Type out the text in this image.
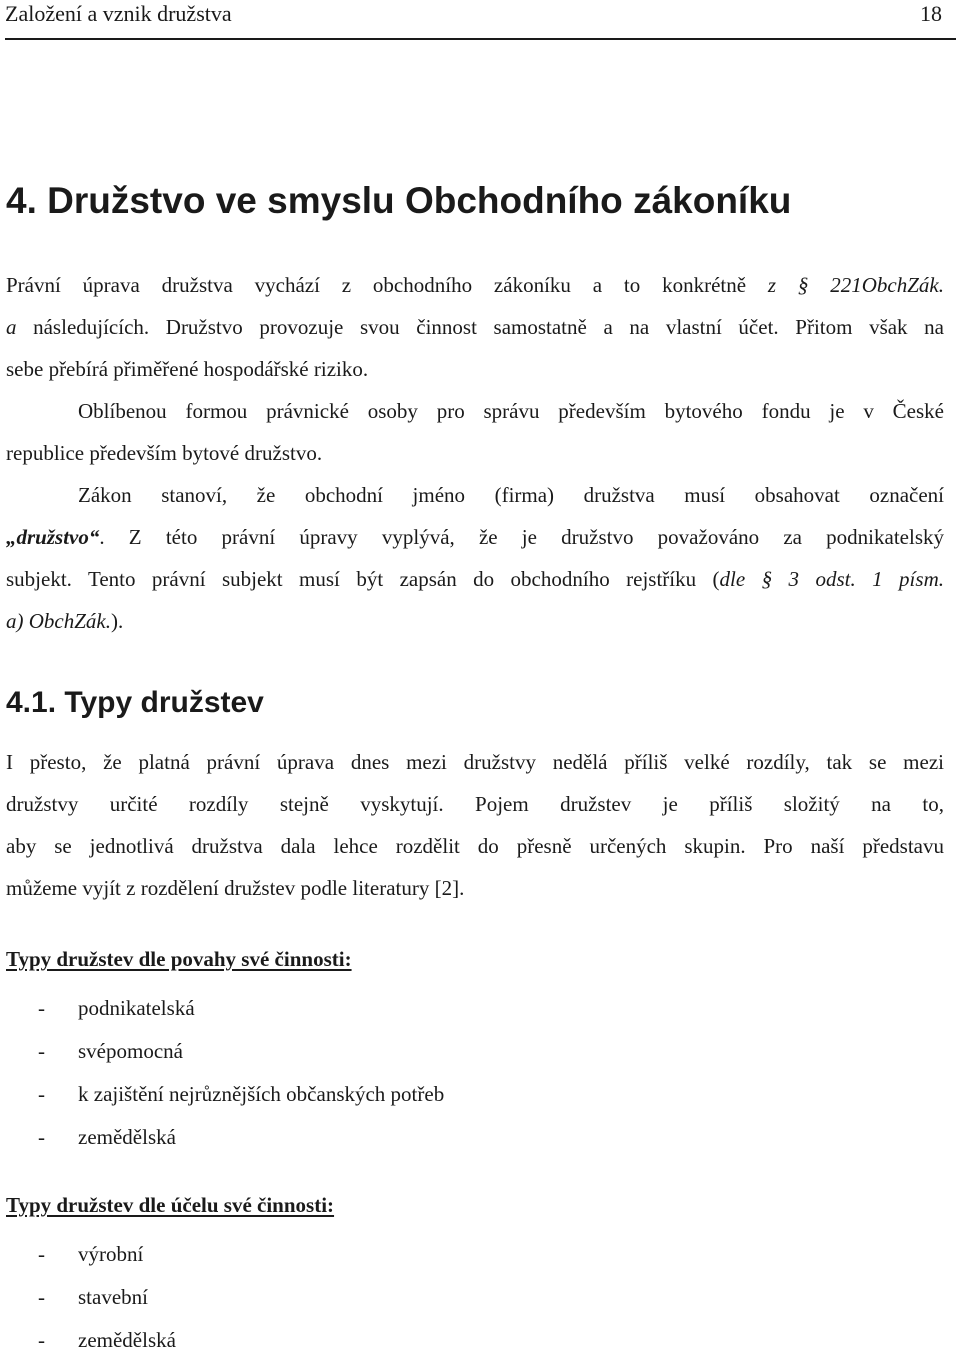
Založení a vznik družstva	18
4. Družstvo ve smyslu Obchodního zákoníku
Právní úprava družstva vychází z obchodního zákoníku a to konkrétně z § 221ObchZák.
a následujících. Družstvo provozuje svou činnost samostatně a na vlastní účet. Přitom však na
sebe přebírá přiměřené hospodářské riziko.
Oblíbenou formou právnické osoby pro správu především bytového fondu je v České
republice především bytové družstvo.
Zákon stanoví, že obchodní jméno (firma) družstva musí obsahovat označení
„družstvo“. Z této právní úpravy vyplývá, že je družstvo považováno za podnikatelský
subjekt. Tento právní subjekt musí být zapsán do obchodního rejstříku (dle § 3 odst. 1 písm.
a) ObchZák.).
4.1. Typy družstev
I přesto, že platná právní úprava dnes mezi družstvy nedělá příliš velké rozdíly, tak se mezi
družstvy určité rozdíly stejně vyskytují. Pojem družstev je příliš složitý na to,
aby se jednotlivá družstva dala lehce rozdělit do přesně určených skupin. Pro naší představu
můžeme vyjít z rozdělení družstev podle literatury [2].

Typy družstev dle povahy své činnosti:

- podnikatelská
- svépomocná
- k zajištění nejrůznějších občanských potřeb
- zemědělská

Typy družstev dle účelu své činnosti:

- výrobní
- stavební
- zemědělská
